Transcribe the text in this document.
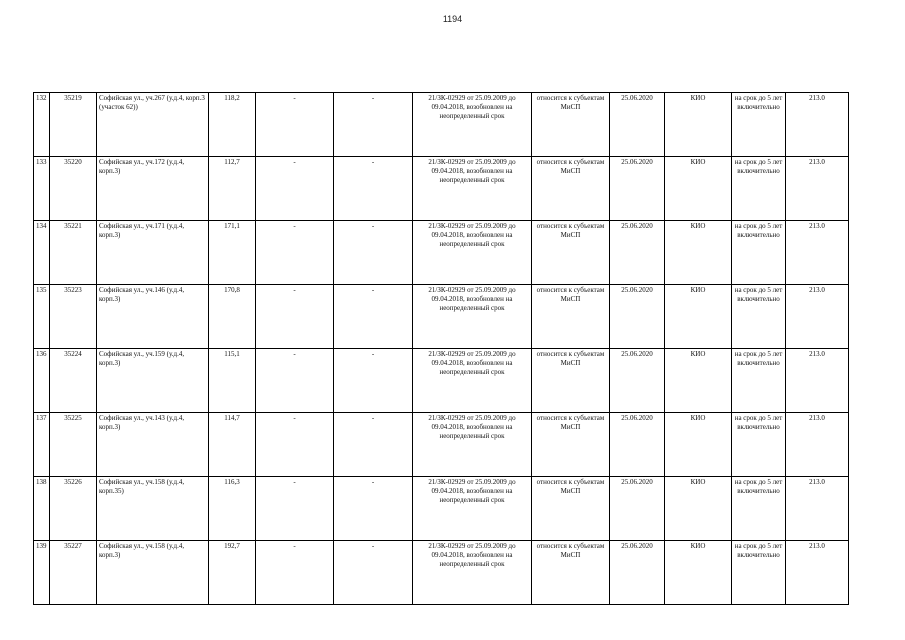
1194
132	35219	Софийская ул., уч.267 (у.д.4, корп.3 (участок 62))	118,2	-	-	21/ЗК-02929 от 25.09.2009 до 09.04.2018, возобновлен на неопределенный срок	относится к субъектам МиСП	25.06.2020	КИО	на срок до 5 лет включительно	213.0	
133	35220	Софийская ул., уч.172 (у.д.4, корп.3)	112,7	-	-	21/ЗК-02929 от 25.09.2009 до 09.04.2018, возобновлен на неопределенный срок	относится к субъектам МиСП	25.06.2020	КИО	на срок до 5 лет включительно	213.0	
134	35221	Софийская ул., уч.171 (у.д.4, корп.3)	171,1	-	-	21/ЗК-02929 от 25.09.2009 до 09.04.2018, возобновлен на неопределенный срок	относится к субъектам МиСП	25.06.2020	КИО	на срок до 5 лет включительно	213.0	
135	35223	Софийская ул., уч.146 (у.д.4, корп.3)	170,8	-	-	21/ЗК-02929 от 25.09.2009 до 09.04.2018, возобновлен на неопределенный срок	относится к субъектам МиСП	25.06.2020	КИО	на срок до 5 лет включительно	213.0	
136	35224	Софийская ул., уч.159 (у.д.4, корп.3)	115,1	-	-	21/ЗК-02929 от 25.09.2009 до 09.04.2018, возобновлен на неопределенный срок	относится к субъектам МиСП	25.06.2020	КИО	на срок до 5 лет включительно	213.0	
137	35225	Софийская ул., уч.143 (у.д.4, корп.3)	114,7	-	-	21/ЗК-02929 от 25.09.2009 до 09.04.2018, возобновлен на неопределенный срок	относится к субъектам МиСП	25.06.2020	КИО	на срок до 5 лет включительно	213.0	
138	35226	Софийская ул., уч.158 (у.д.4, корп.35)	116,3	-	-	21/ЗК-02929 от 25.09.2009 до 09.04.2018, возобновлен на неопределенный срок	относится к субъектам МиСП	25.06.2020	КИО	на срок до 5 лет включительно	213.0	
139	35227	Софийская ул., уч.158 (у.д.4, корп.3)	192,7	-	-	21/ЗК-02929 от 25.09.2009 до 09.04.2018, возобновлен на неопределенный срок	относится к субъектам МиСП	25.06.2020	КИО	на срок до 5 лет включительно	213.0	
